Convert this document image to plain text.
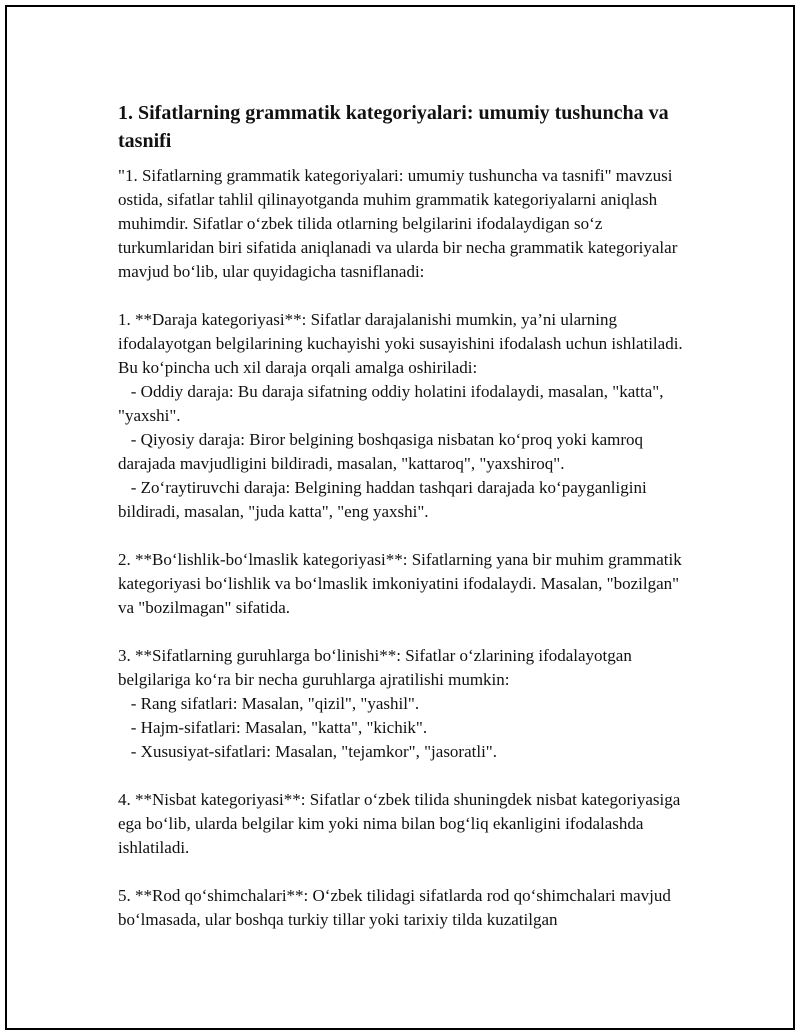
1. Sifatlarning grammatik kategoriyalari: umumiy tushuncha va tasnifi

"1. Sifatlarning grammatik kategoriyalari: umumiy tushuncha va tasnifi" mavzusi ostida, sifatlar tahlil qilinayotganda muhim grammatik kategoriyalarni aniqlash muhimdir. Sifatlar o‘zbek tilida otlarning belgilarini ifodalaydigan so‘z turkumlaridan biri sifatida aniqlanadi va ularda bir necha grammatik kategoriyalar mavjud bo‘lib, ular quyidagicha tasniflanadi:

1. **Daraja kategoriyasi**: Sifatlar darajalanishi mumkin, ya’ni ularning ifodalayotgan belgilarining kuchayishi yoki susayishini ifodalash uchun ishlatiladi. Bu ko‘pincha uch xil daraja orqali amalga oshiriladi:
- Oddiy daraja: Bu daraja sifatning oddiy holatini ifodalaydi, masalan, "katta", "yaxshi".
- Qiyosiy daraja: Biror belgining boshqasiga nisbatan ko‘proq yoki kamroq darajada mavjudligini bildiradi, masalan, "kattaroq", "yaxshiroq".
- Zo‘raytiruvchi daraja: Belgining haddan tashqari darajada ko‘payganligini bildiradi, masalan, "juda katta", "eng yaxshi".

2. **Bo‘lishlik-bo‘lmaslik kategoriyasi**: Sifatlarning yana bir muhim grammatik kategoriyasi bo‘lishlik va bo‘lmaslik imkoniyatini ifodalaydi. Masalan, "bozilgan" va "bozilmagan" sifatida.

3. **Sifatlarning guruhlarga bo‘linishi**: Sifatlar o‘zlarining ifodalayotgan belgilariga ko‘ra bir necha guruhlarga ajratilishi mumkin:
- Rang sifatlari: Masalan, "qizil", "yashil".
- Hajm-sifatlari: Masalan, "katta", "kichik".
- Xususiyat-sifatlari: Masalan, "tejamkor", "jasoratli".

4. **Nisbat kategoriyasi**: Sifatlar o‘zbek tilida shuningdek nisbat kategoriyasiga ega bo‘lib, ularda belgilar kim yoki nima bilan bog‘liq ekanligini ifodalashda ishlatiladi.

5. **Rod qo‘shimchalari**: O‘zbek tilidagi sifatlarda rod qo‘shimchalari mavjud bo‘lmasada, ular boshqa turkiy tillar yoki tarixiy tilda kuzatilgan
